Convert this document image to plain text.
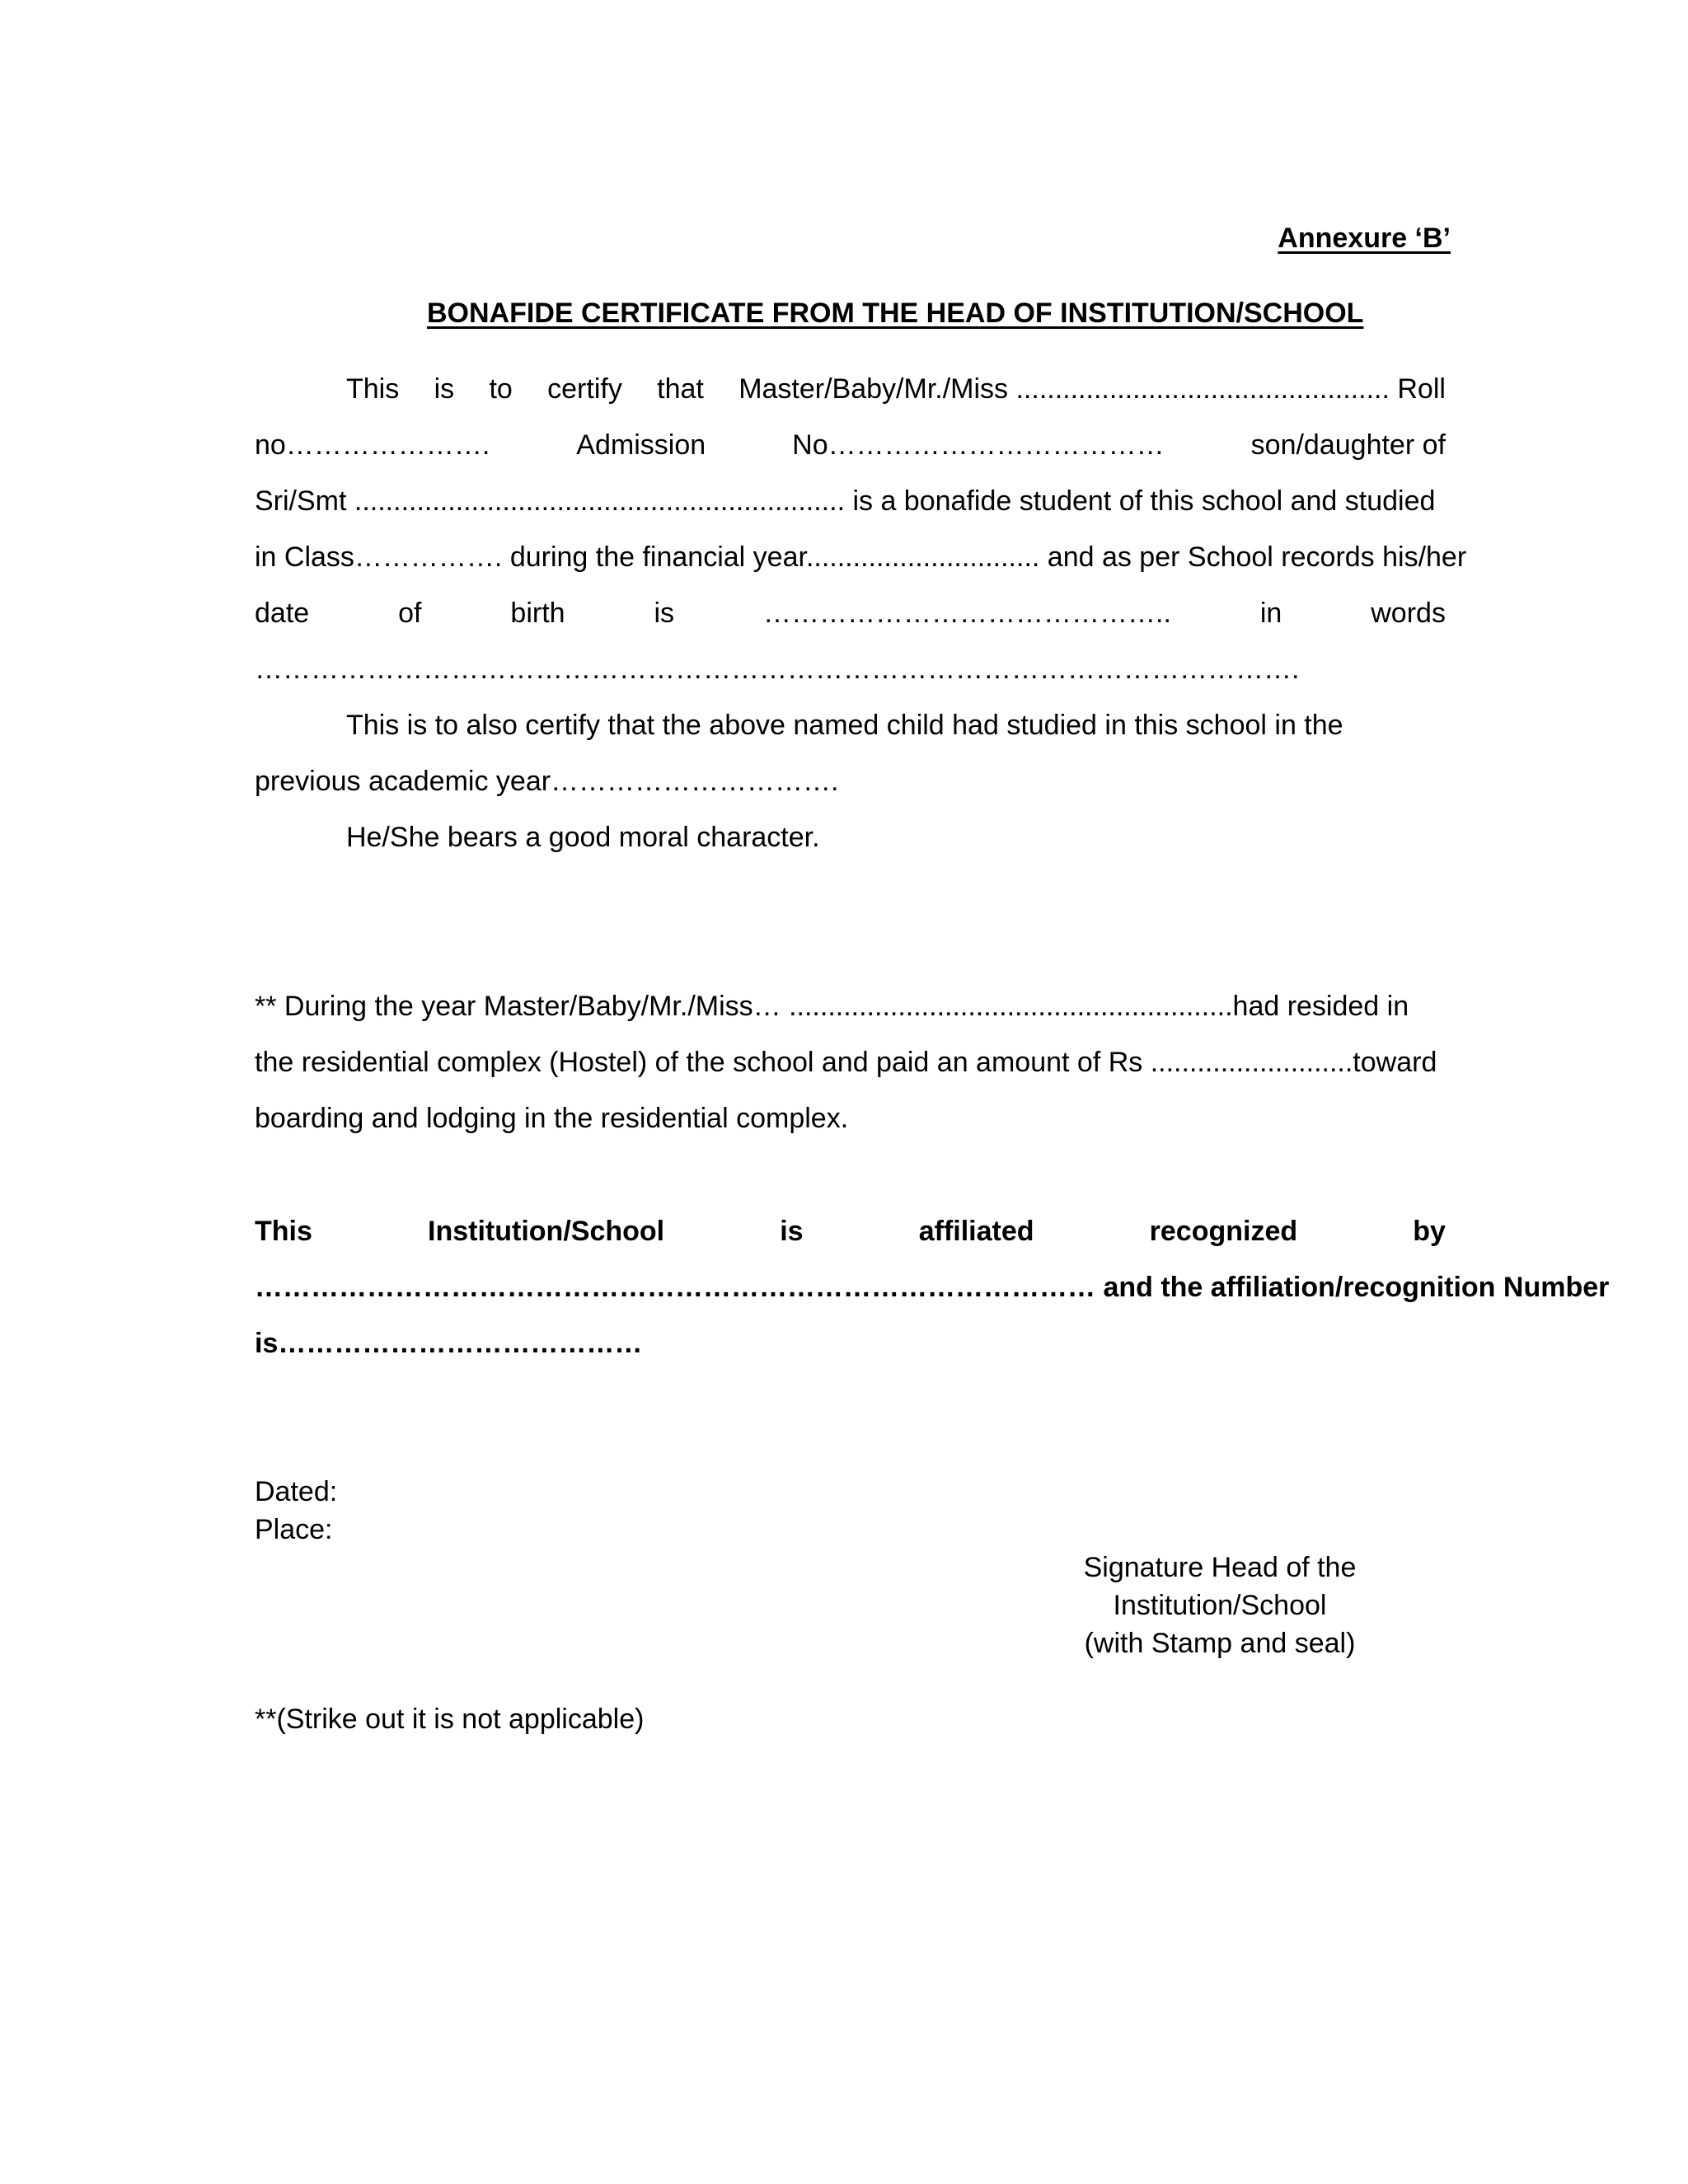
Annexure ‘B’
BONAFIDE CERTIFICATE FROM THE HEAD OF INSTITUTION/SCHOOL
This is to certify that Master/Baby/Mr./Miss ................................................ Roll
no………………….	Admission	No………………………………	son/daughter of
Sri/Smt ............................................................... is a bonafide student of this school and studied
in Class……………. during the financial year.............................. and as per School records his/her
date	of	birth	is	……………………………………..	in	words
………………………………………………………………………………………………….
This is to also certify that the above named child had studied in this school in the
previous academic year………………………….
He/She bears a good moral character.
** During the year Master/Baby/Mr./Miss… .........................................................had resided in
the residential complex (Hostel) of the school and paid an amount of Rs ..........................toward
boarding and lodging in the residential complex.
This	Institution/School	is	affiliated	recognized	by
……………………………………………………………………………… and the affiliation/recognition Number
is…………………………………
Dated:
Place:
Signature Head of the
Institution/School
(with Stamp and seal)
**(Strike out it is not applicable)
